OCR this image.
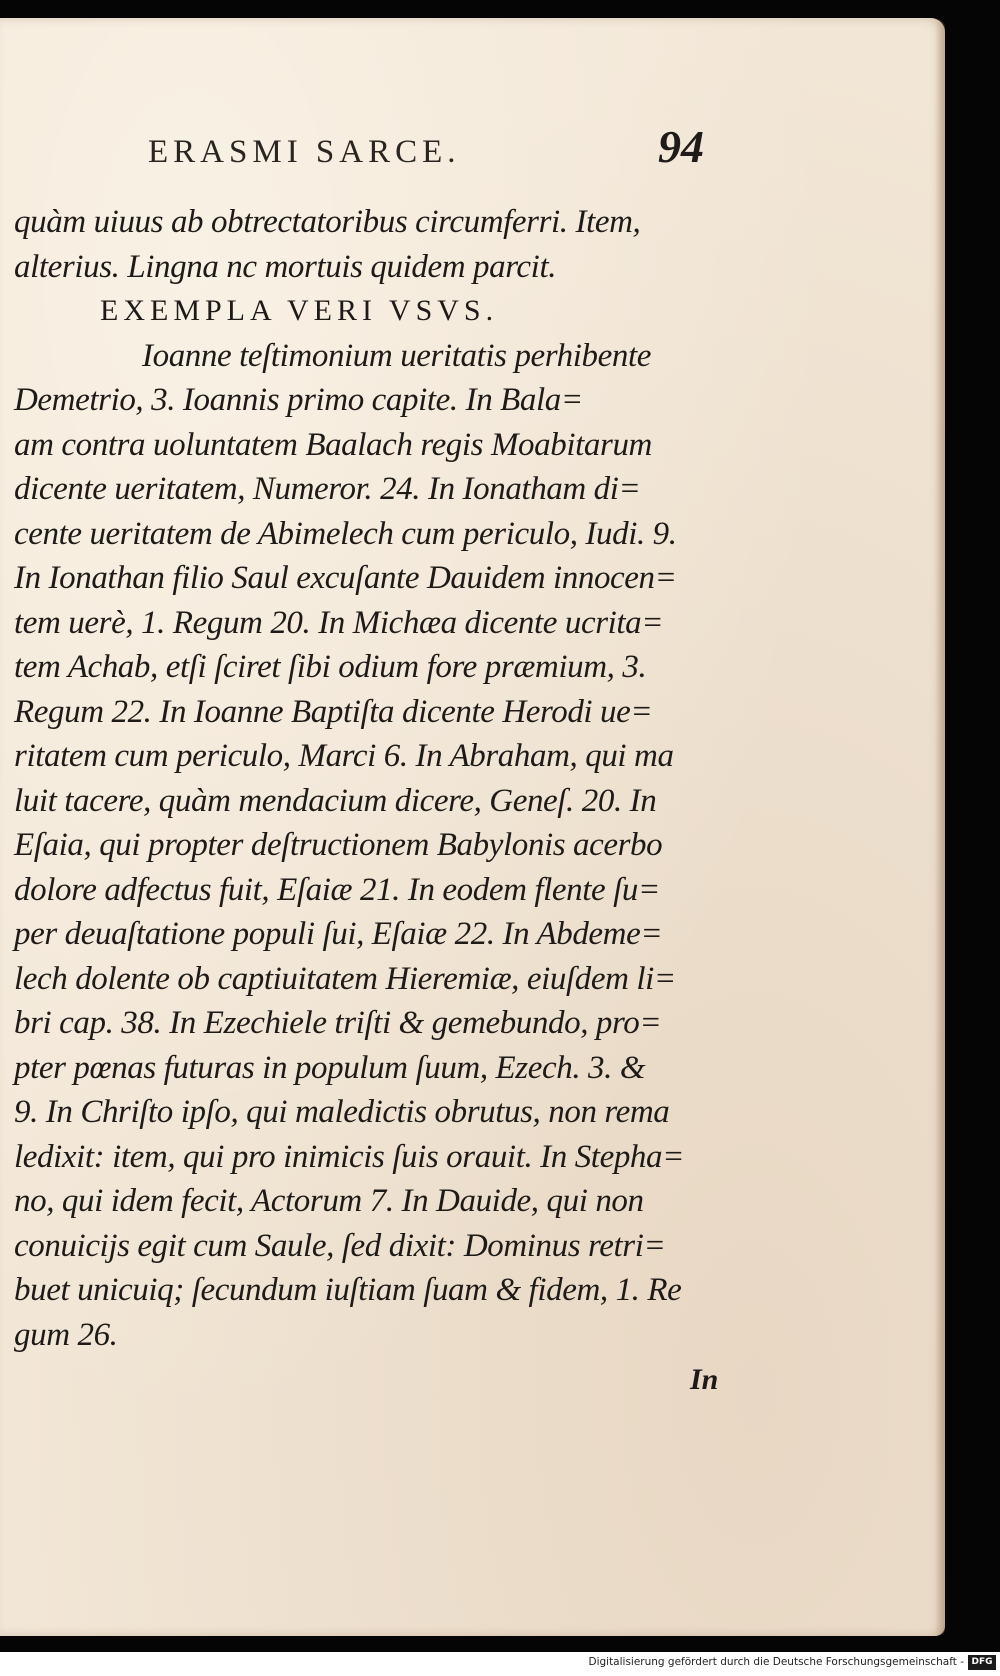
ERASMI SARCE.	94
quàm uiuus ab obtrectatoribus circumferri. Item,
alterius. Lingna nc mortuis quidem parcit.
EXEMPLA VERI VSVS.
Ioanne teſtimonium ueritatis perhibente
Demetrio, 3. Ioannis primo capite. In Bala=
am contra uoluntatem Baalach regis Moabitarum
dicente ueritatem, Numeror. 24. In Ionatham di=
cente ueritatem de Abimelech cum periculo, Iudi. 9.
In Ionathan filio Saul excuſante Dauidem innocen=
tem uerè, 1. Regum 20. In Michæa dicente ucrita=
tem Achab, etſi ſciret ſibi odium fore præmium, 3.
Regum 22. In Ioanne Baptiſta dicente Herodi ue=
ritatem cum periculo, Marci 6. In Abraham, qui ma
luit tacere, quàm mendacium dicere, Geneſ. 20. In
Eſaia, qui propter deſtructionem Babylonis acerbo
dolore adfectus fuit, Eſaiæ 21. In eodem flente ſu=
per deuaſtatione populi ſui, Eſaiæ 22. In Abdeme=
lech dolente ob captiuitatem Hieremiæ, eiuſdem li=
bri cap. 38. In Ezechiele triſti & gemebundo, pro=
pter pœnas futuras in populum ſuum, Ezech. 3. &
9. In Chriſto ipſo, qui maledictis obrutus, non rema
ledixit: item, qui pro inimicis ſuis orauit. In Stepha=
no, qui idem fecit, Actorum 7. In Dauide, qui non
conuicijs egit cum Saule, ſed dixit: Dominus retri=
buet unicuiq; ſecundum iuſtiam ſuam & fidem, 1. Re
gum 26.
In
Digitalisierung gefördert durch die Deutsche Forschungsgemeinschaft - DFG
